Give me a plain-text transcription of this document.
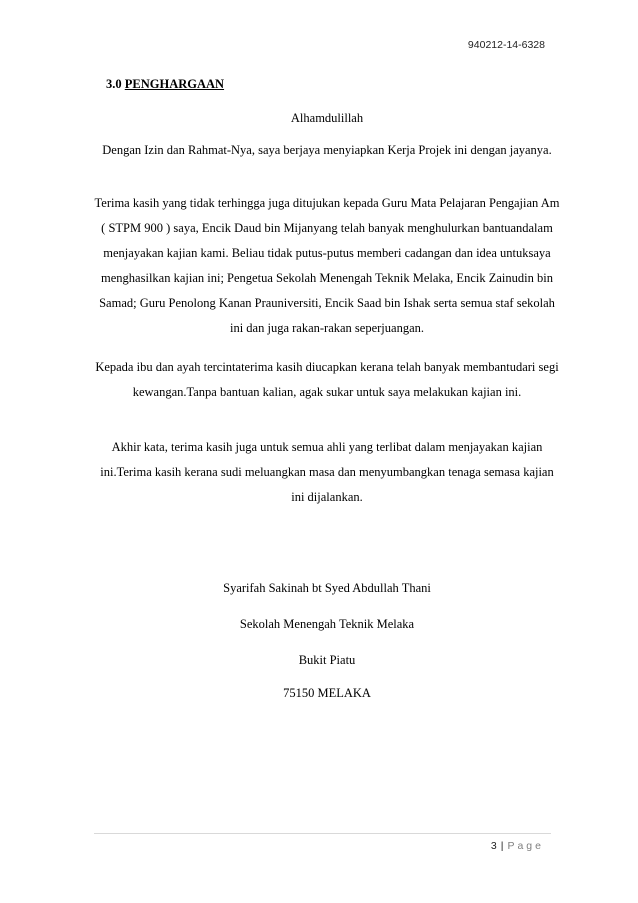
940212-14-6328
3.0 PENGHARGAAN

Alhamdulillah

Dengan Izin dan Rahmat-Nya, saya berjaya menyiapkan Kerja Projek ini dengan jayanya.

Terima kasih yang tidak terhingga juga ditujukan kepada Guru Mata Pelajaran Pengajian Am ( STPM 900 ) saya, Encik Daud bin Mijanyang telah banyak menghulurkan bantuandalam menjayakan kajian kami. Beliau tidak putus-putus memberi cadangan dan idea untuksaya menghasilkan kajian ini; Pengetua Sekolah Menengah Teknik Melaka, Encik Zainudin bin Samad; Guru Penolong Kanan Prauniversiti, Encik Saad bin Ishak serta semua staf sekolah ini dan juga rakan-rakan seperjuangan.

Kepada ibu dan ayah tercintaterima kasih diucapkan kerana telah banyak membantudari segi kewangan.Tanpa bantuan kalian, agak sukar untuk saya melakukan kajian ini.

Akhir kata, terima kasih juga untuk semua ahli yang terlibat dalam menjayakan kajian ini.Terima kasih kerana sudi meluangkan masa dan menyumbangkan tenaga semasa kajian ini dijalankan.

Syarifah Sakinah bt Syed Abdullah Thani
Sekolah Menengah Teknik Melaka
Bukit Piatu
75150 MELAKA
3 | Page
